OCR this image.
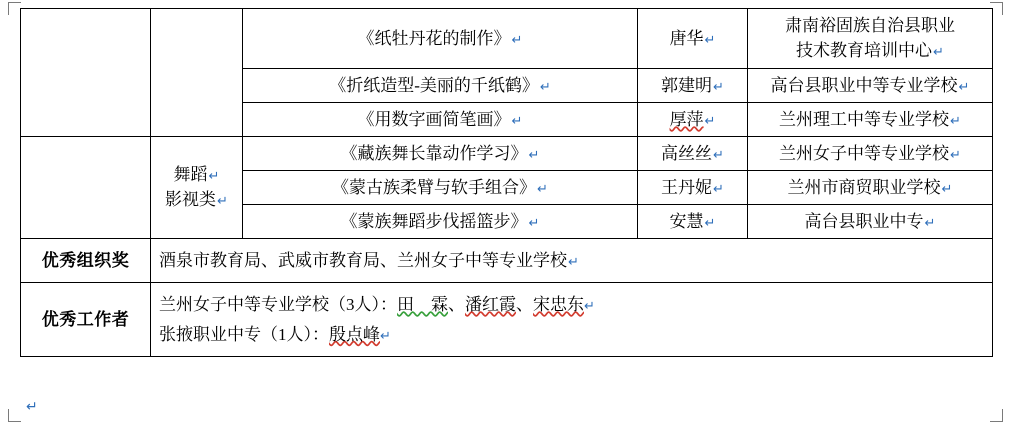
		《纸牡丹花的制作》↵	唐华↵	肃南裕固族自治县职业
技术教育培训中心↵

		《折纸造型-美丽的千纸鹤》↵	郭建明↵	高台县职业中等专业学校↵

		《用数字画简笔画》↵	厚萍↵	兰州理工中等专业学校↵

	舞蹈↵
影视类↵	《藏族舞长靠动作学习》↵	高丝丝↵	兰州女子中等专业学校↵

		《蒙古族柔臂与软手组合》↵	王丹妮↵	兰州市商贸职业学校↵

		《蒙族舞蹈步伐摇篮步》↵	安慧↵	高台县职业中专↵

优秀组织奖	酒泉市教育局、武威市教育局、兰州女子中等专业学校↵			

优秀工作者	兰州女子中等专业学校（3人）：田　霖、潘红霞、宋忠东↵
张掖职业中专（1人）：殷点峰↵			
↵
